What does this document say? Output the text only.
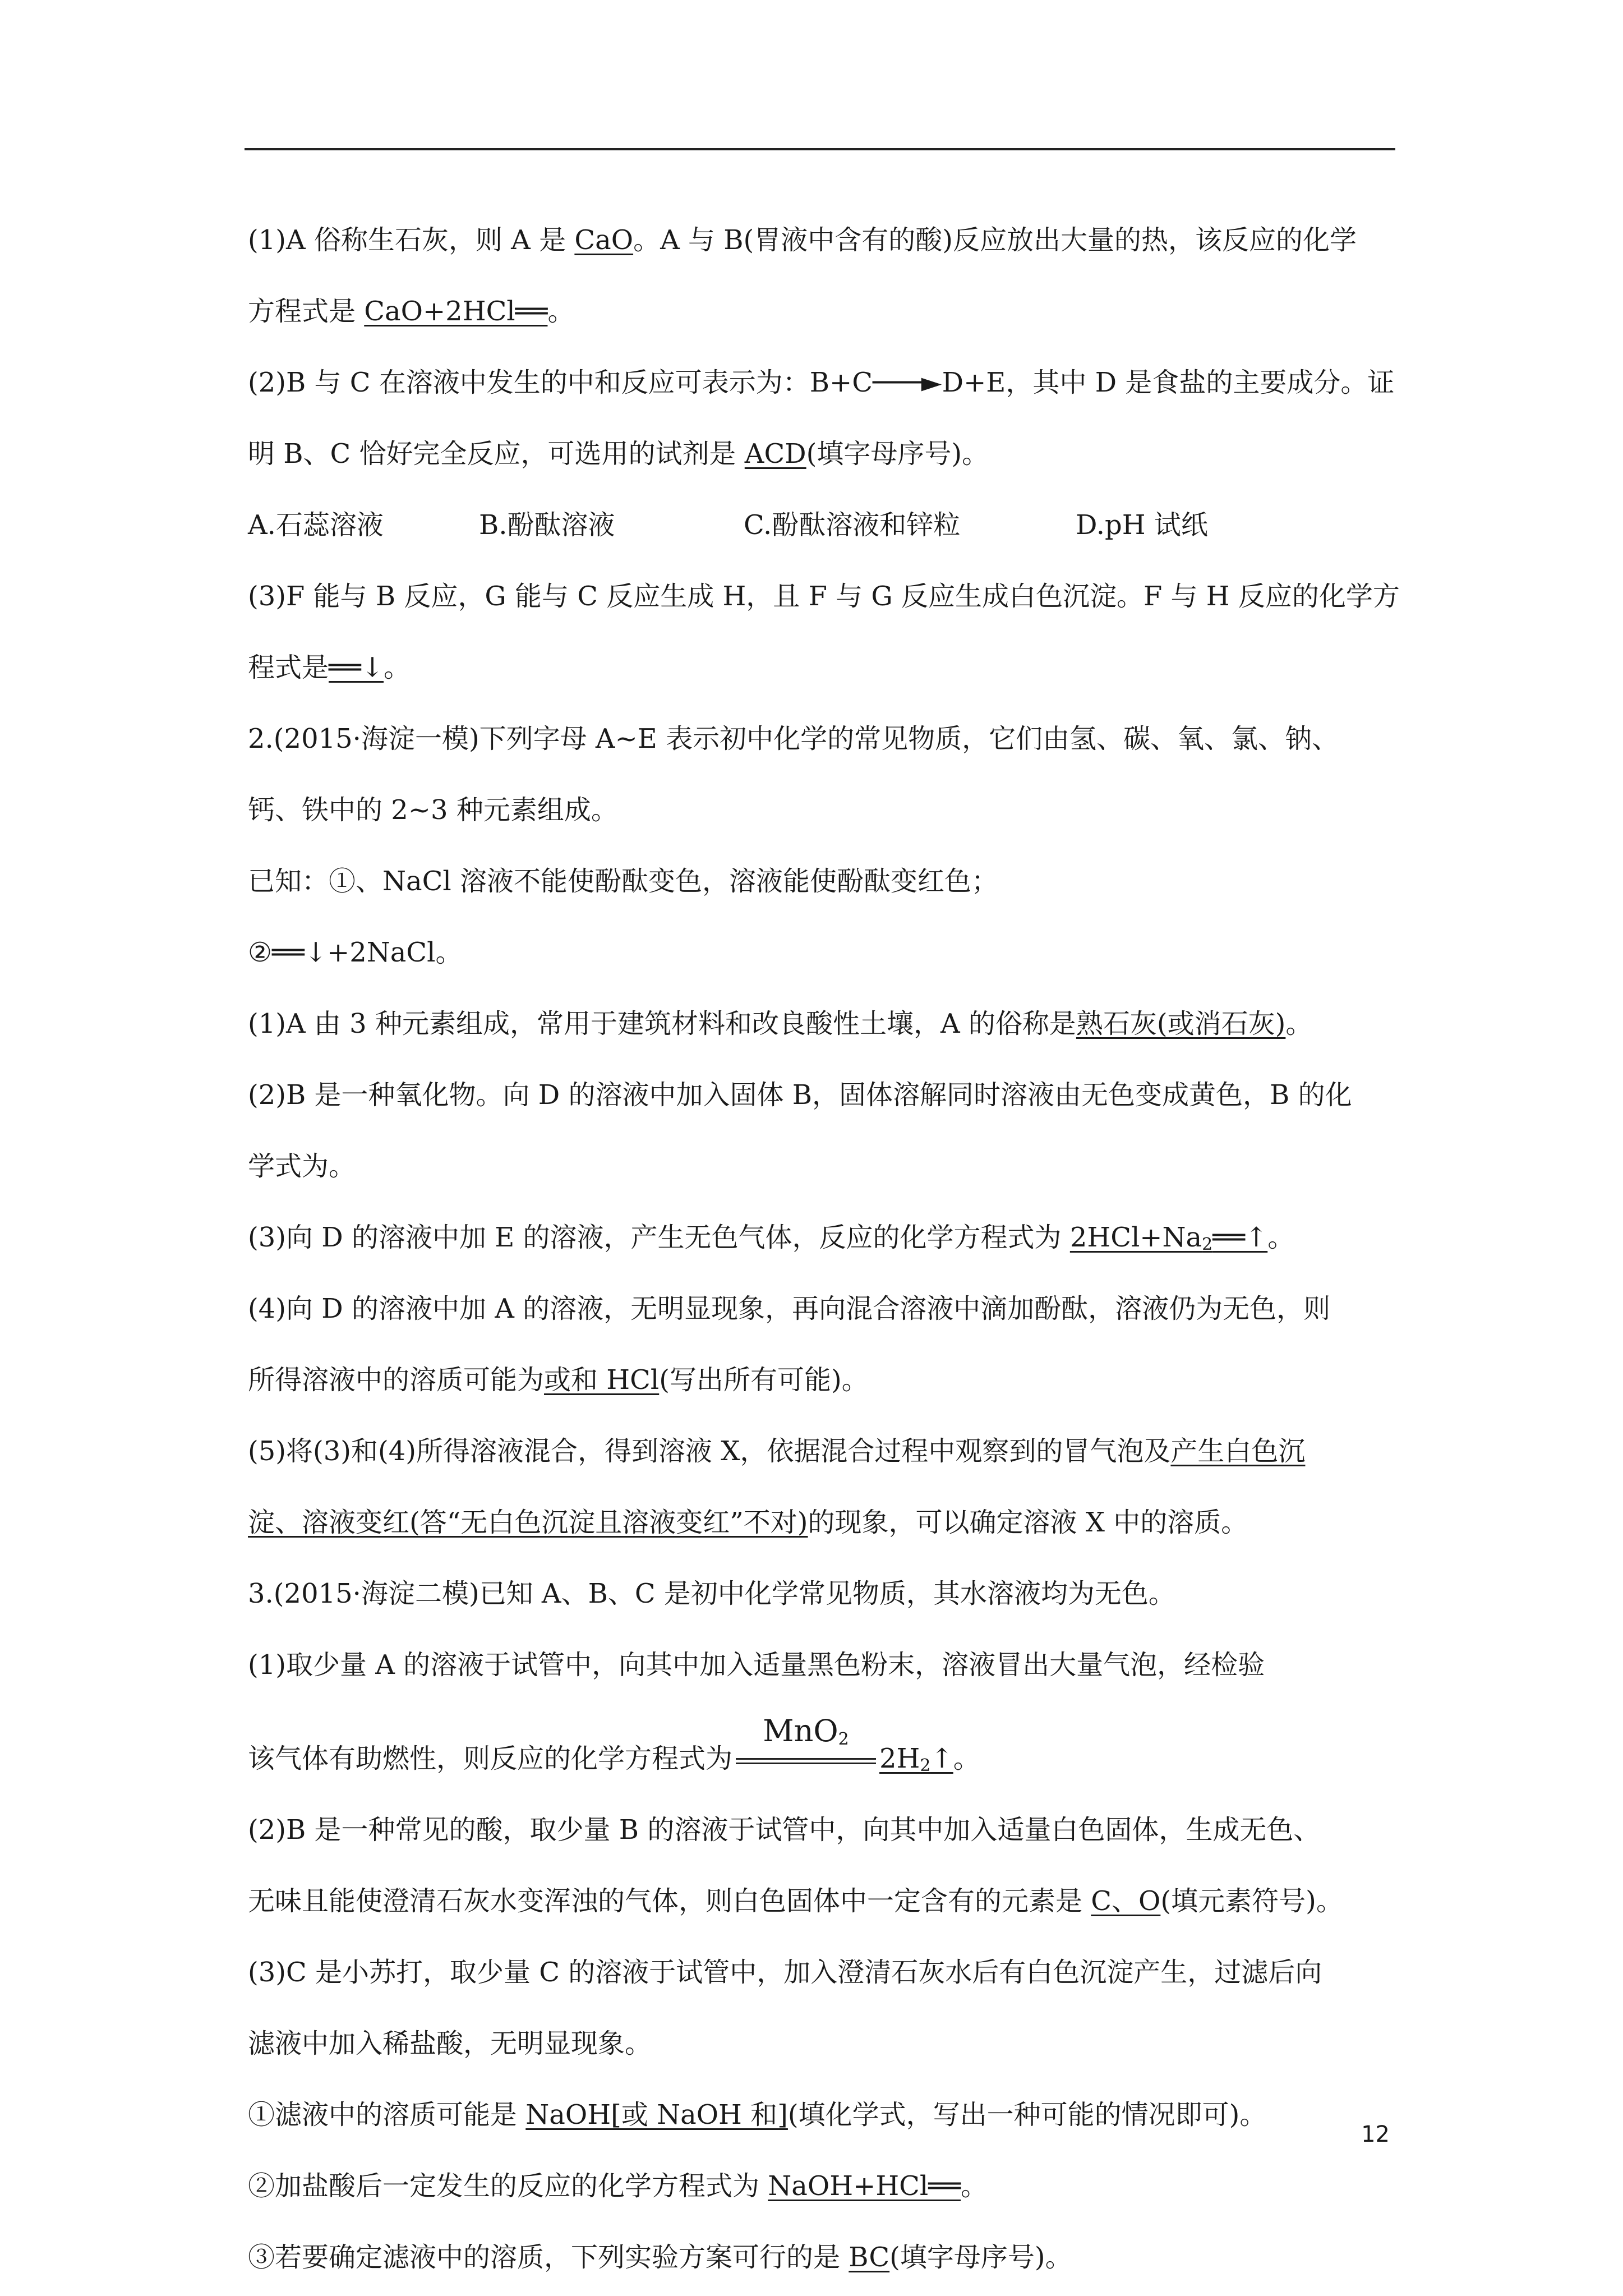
(1)A 俗称生石灰，则 A 是 CaO。A 与 B(胃液中含有的酸)反应放出大量的热，该反应的化学

方程式是 CaO+2HCl══。

(2)B 与 C 在溶液中发生的中和反应可表示为：B+C───►D+E，其中 D 是食盐的主要成分。证

明 B、C 恰好完全反应，可选用的试剂是 ACD(填字母序号)。

A.石蕊溶液	B.酚酞溶液	C.酚酞溶液和锌粒	D.pH 试纸

(3)F 能与 B 反应，G 能与 C 反应生成 H，且 F 与 G 反应生成白色沉淀。F 与 H 反应的化学方

程式是══↓。

2.(2015·海淀一模)下列字母 A~E 表示初中化学的常见物质，它们由氢、碳、氧、氯、钠、

钙、铁中的 2~3 种元素组成。

已知：①、NaCl 溶液不能使酚酞变色，溶液能使酚酞变红色；

②══↓+2NaCl。

(1)A 由 3 种元素组成，常用于建筑材料和改良酸性土壤，A 的俗称是熟石灰(或消石灰)。

(2)B 是一种氧化物。向 D 的溶液中加入固体 B，固体溶解同时溶液由无色变成黄色，B 的化

学式为。

(3)向 D 的溶液中加 E 的溶液，产生无色气体，反应的化学方程式为 $2HCl+Na_2══↑$。

(4)向 D 的溶液中加 A 的溶液，无明显现象，再向混合溶液中滴加酚酞，溶液仍为无色，则

所得溶液中的溶质可能为或和 HCl(写出所有可能)。

(5)将(3)和(4)所得溶液混合，得到溶液 X，依据混合过程中观察到的冒气泡及产生白色沉

淀、溶液变红(答“无白色沉淀且溶液变红”不对)的现象，可以确定溶液 X 中的溶质。

3.(2015·海淀二模)已知 A、B、C 是初中化学常见物质，其水溶液均为无色。

(1)取少量 A 的溶液于试管中，向其中加入适量黑色粉末，溶液冒出大量气泡，经检验

该气体有助燃性，则反应的化学方程式为
MnO$_2$
$2H_2↑$。

(2)B 是一种常见的酸，取少量 B 的溶液于试管中，向其中加入适量白色固体，生成无色、

无味且能使澄清石灰水变浑浊的气体，则白色固体中一定含有的元素是 C、O(填元素符号)。

(3)C 是小苏打，取少量 C 的溶液于试管中，加入澄清石灰水后有白色沉淀产生，过滤后向

滤液中加入稀盐酸，无明显现象。

①滤液中的溶质可能是 NaOH[或 NaOH 和](填化学式，写出一种可能的情况即可)。

②加盐酸后一定发生的反应的化学方程式为 NaOH+HCl══。

③若要确定滤液中的溶质，下列实验方案可行的是 BC(填字母序号)。

12
